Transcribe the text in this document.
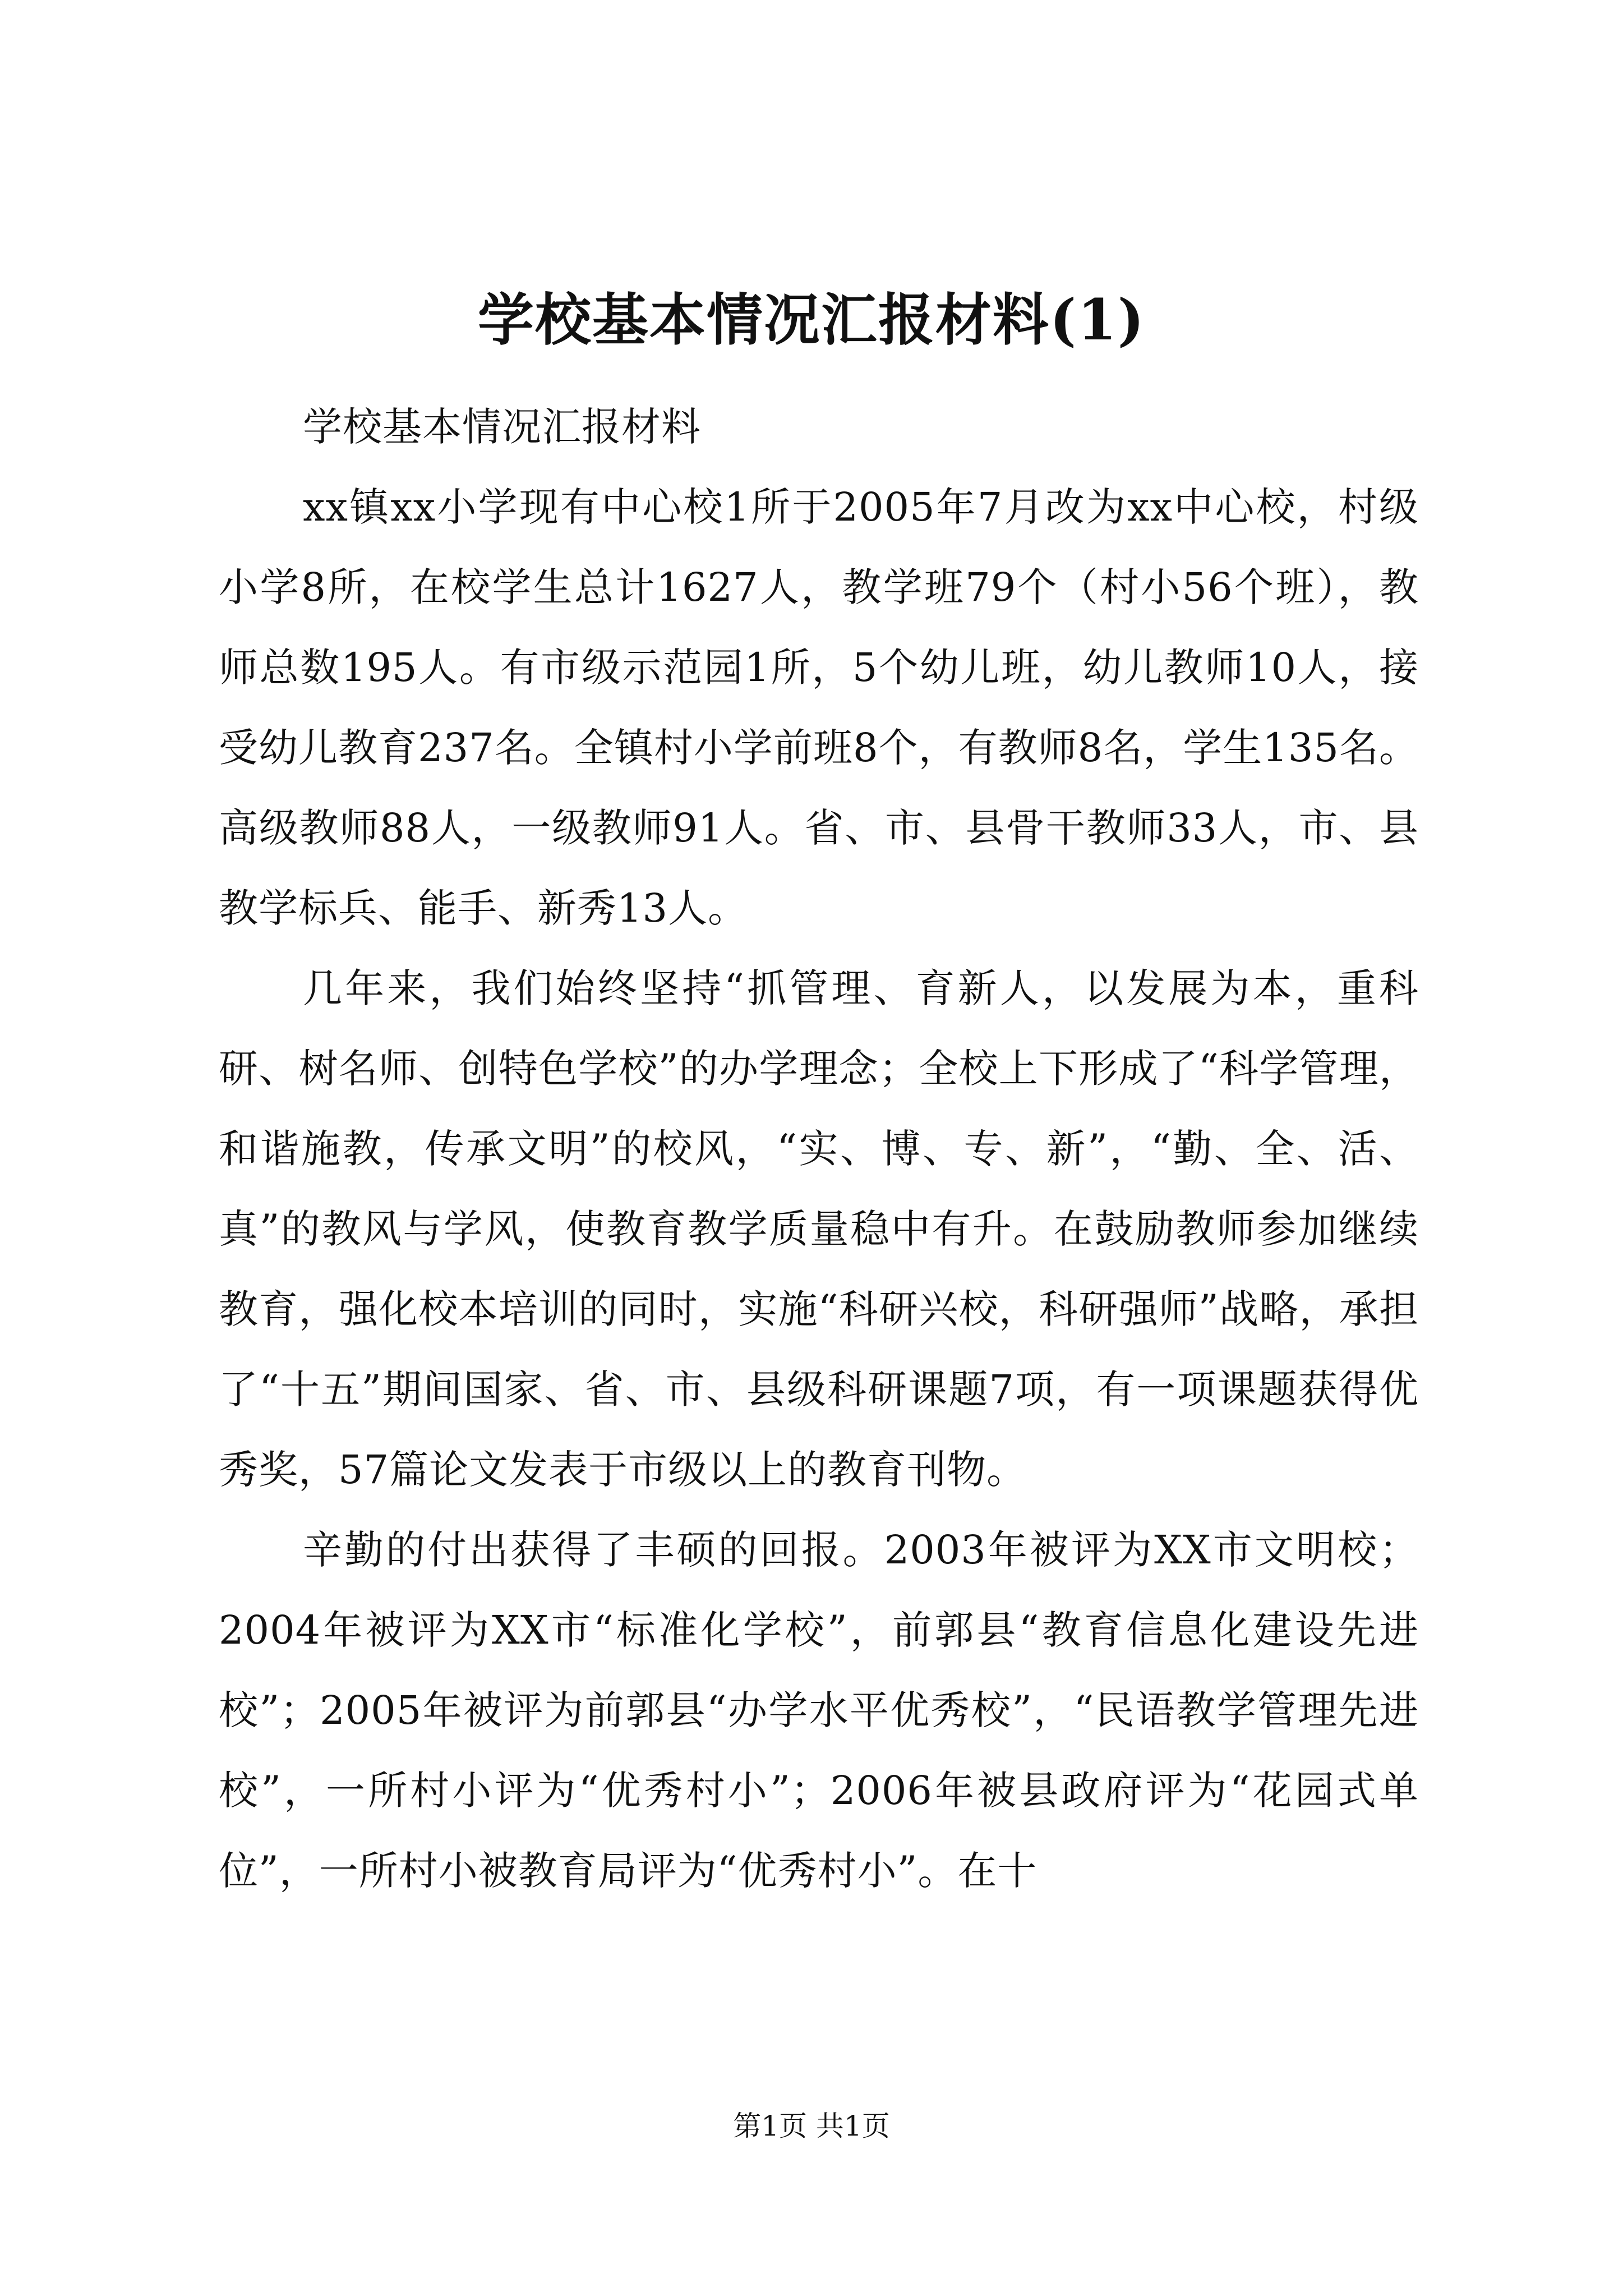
学校基本情况汇报材料(1)

学校基本情况汇报材料

xx镇xx小学现有中心校1所于2005年7月改为xx中心校，村级小学8所，在校学生总计1627人，教学班79个（村小56个班），教师总数195人。有市级示范园1所，5个幼儿班，幼儿教师10人，接受幼儿教育237名。全镇村小学前班8个，有教师8名，学生135名。高级教师88人，一级教师91人。省、市、县骨干教师33人，市、县教学标兵、能手、新秀13人。

几年来，我们始终坚持“抓管理、育新人，以发展为本，重科研、树名师、创特色学校”的办学理念；全校上下形成了“科学管理，和谐施教，传承文明”的校风，“实、博、专、新”，“勤、全、活、真”的教风与学风，使教育教学质量稳中有升。在鼓励教师参加继续教育，强化校本培训的同时，实施“科研兴校，科研强师”战略，承担了“十五”期间国家、省、市、县级科研课题7项，有一项课题获得优秀奖，57篇论文发表于市级以上的教育刊物。

辛勤的付出获得了丰硕的回报。2003年被评为XX市文明校；2004年被评为XX市“标准化学校”，前郭县“教育信息化建设先进校”；2005年被评为前郭县“办学水平优秀校”，“民语教学管理先进校”，一所村小评为“优秀村小”；2006年被县政府评为“花园式单位”，一所村小被教育局评为“优秀村小”。在十

第1页 共1页
